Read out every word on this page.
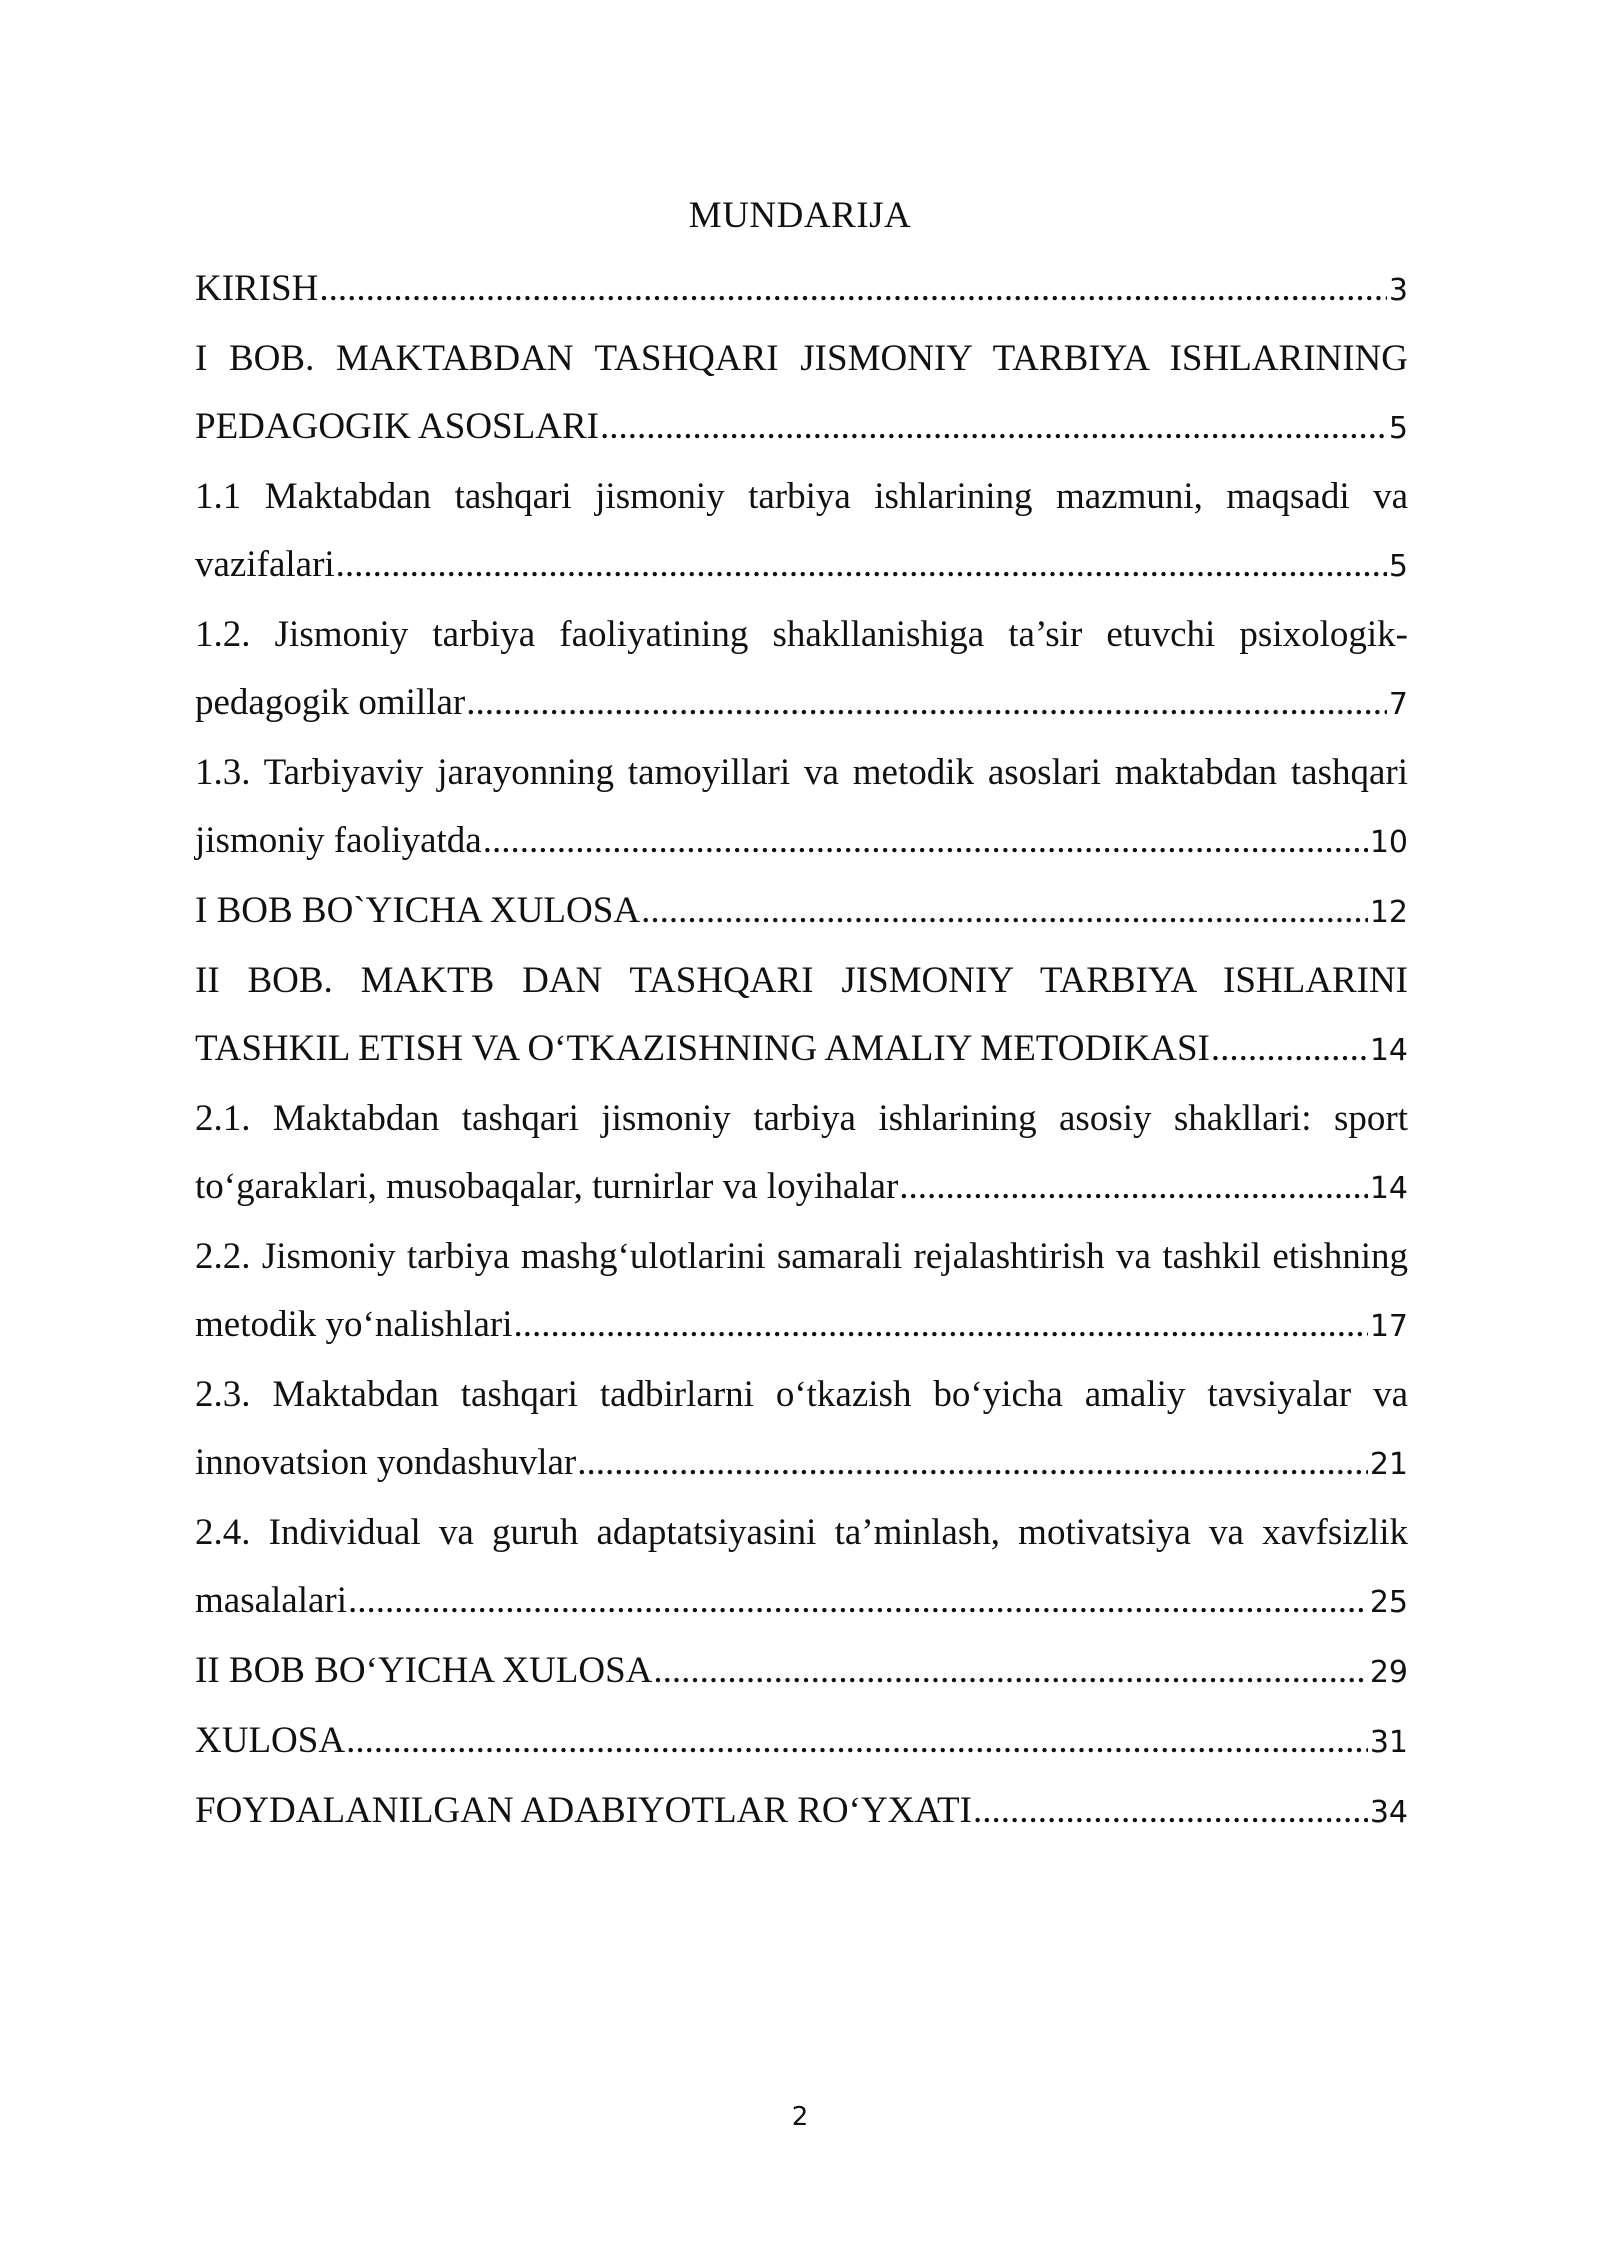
MUNDARIJA
KIRISH .....	3
I BOB. MAKTABDAN TASHQARI JISMONIY TARBIYA ISHLARINING
PEDAGOGIK ASOSLARI .....	5
1.1 Maktabdan tashqari jismoniy tarbiya ishlarining mazmuni, maqsadi va
vazifalari .....	5
1.2. Jismoniy tarbiya faoliyatining shakllanishiga ta’sir etuvchi psixologik-
pedagogik omillar .....	7
1.3. Tarbiyaviy jarayonning tamoyillari va metodik asoslari maktabdan tashqari
jismoniy faoliyatda .....	10
I BOB BO`YICHA XULOSA .....	12
II BOB. MAKTB DAN TASHQARI JISMONIY TARBIYA ISHLARINI
TASHKIL ETISH VA O‘TKAZISHNING AMALIY METODIKASI .....	14
2.1. Maktabdan tashqari jismoniy tarbiya ishlarining asosiy shakllari: sport
to‘garaklari, musobaqalar, turnirlar va loyihalar .....	14
2.2. Jismoniy tarbiya mashg‘ulotlarini samarali rejalashtirish va tashkil etishning
metodik yo‘nalishlari .....	17
2.3. Maktabdan tashqari tadbirlarni o‘tkazish bo‘yicha amaliy tavsiyalar va
innovatsion yondashuvlar .....	21
2.4. Individual va guruh adaptatsiyasini ta’minlash, motivatsiya va xavfsizlik
masalalari .....	25
II BOB BO‘YICHA XULOSA .....	29
XULOSA .....	31
FOYDALANILGAN ADABIYOTLAR RO‘YXATI .....	34
2
